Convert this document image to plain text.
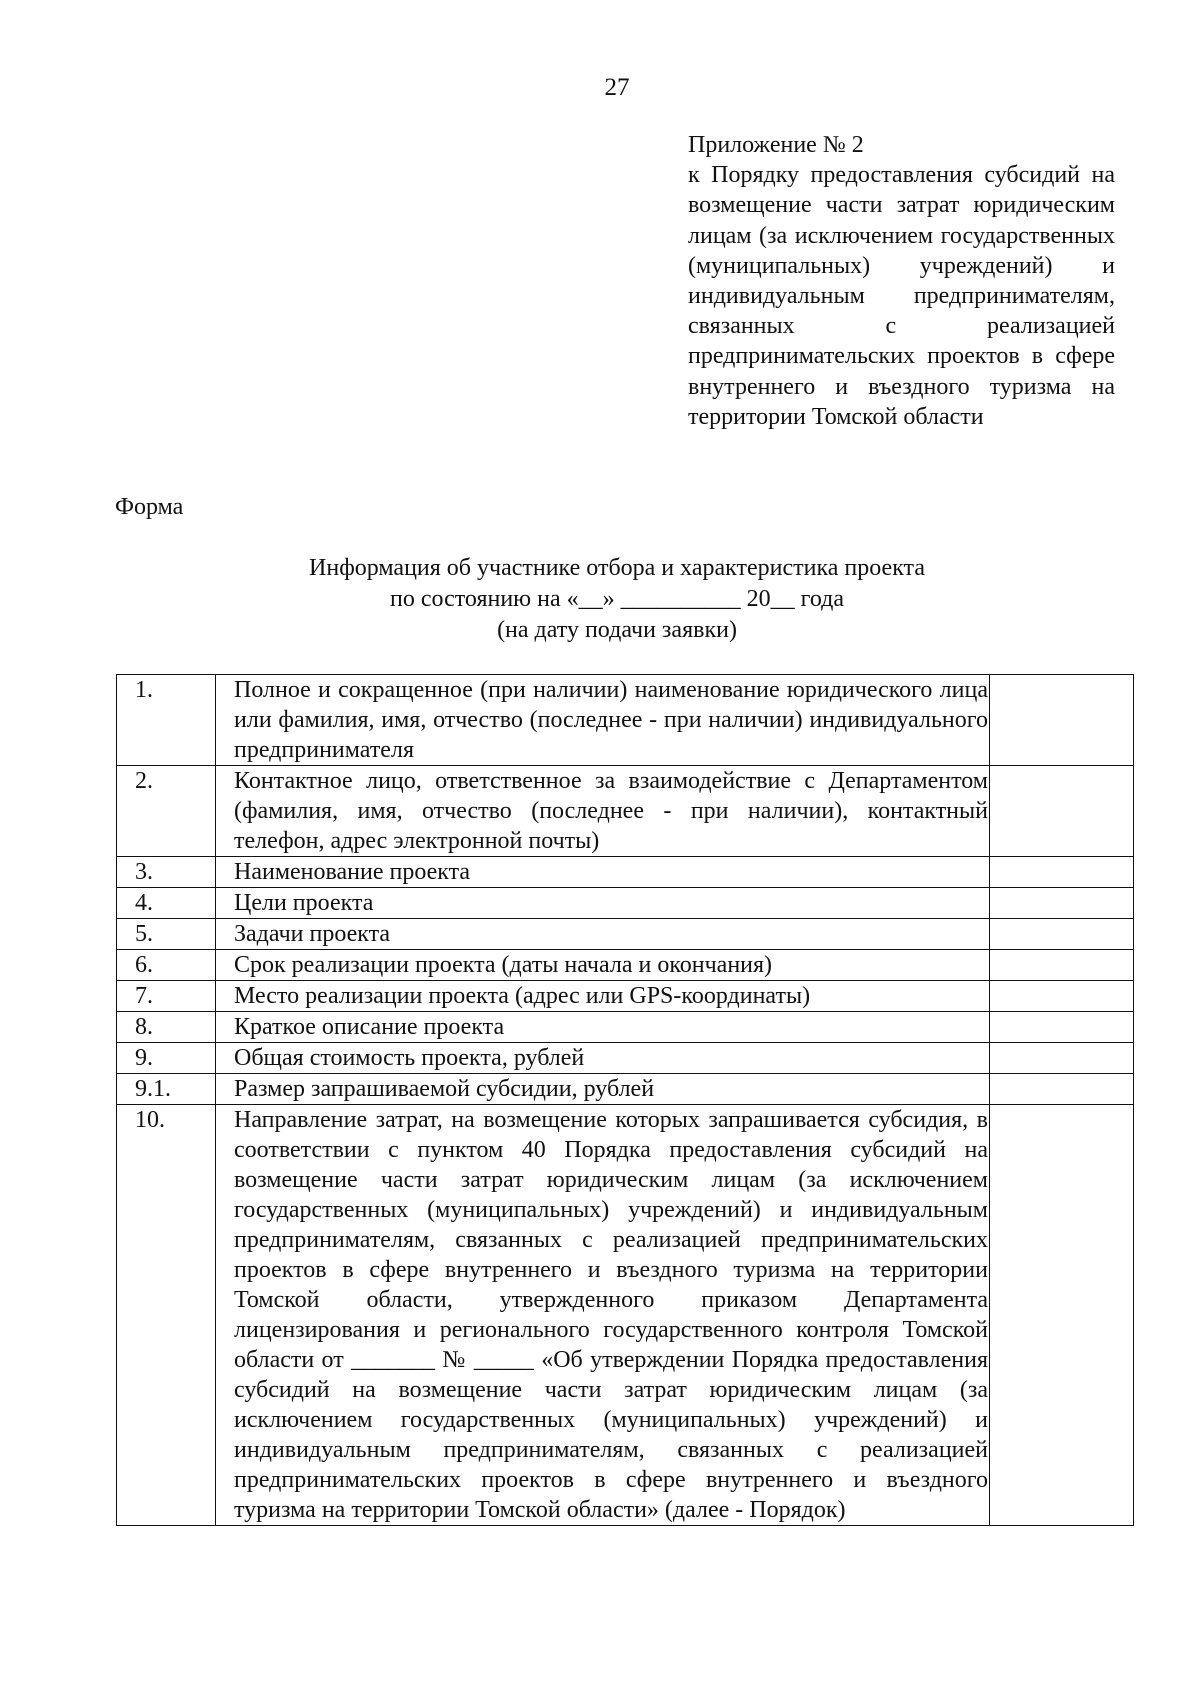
27
Приложение № 2
к Порядку предоставления субсидий на возмещение части затрат юридическим лицам (за исключением государственных (муниципальных) учреждений) и индивидуальным предпринимателям, связанных с реализацией предпринимательских проектов в сфере внутреннего и въездного туризма на территории Томской области
Форма
Информация об участнике отбора и характеристика проекта
по состоянию на «__» __________ 20__ года
(на дату подачи заявки)
1.	Полное и сокращенное (при наличии) наименование юридического лица или фамилия, имя, отчество (последнее - при наличии) индивидуального предпринимателя	
2.	Контактное лицо, ответственное за взаимодействие с Департаментом (фамилия, имя, отчество (последнее - при наличии), контактный телефон, адрес электронной почты)	
3.	Наименование проекта	
4.	Цели проекта	
5.	Задачи проекта	
6.	Срок реализации проекта (даты начала и окончания)	
7.	Место реализации проекта (адрес или GPS-координаты)	
8.	Краткое описание проекта	
9.	Общая стоимость проекта, рублей	
9.1.	Размер запрашиваемой субсидии, рублей	
10.	Направление затрат, на возмещение которых запрашивается субсидия, в соответствии с пунктом 40 Порядка предоставления субсидий на возмещение части затрат юридическим лицам (за исключением государственных (муниципальных) учреждений) и индивидуальным предпринимателям, связанных с реализацией предпринимательских проектов в сфере внутреннего и въездного туризма на территории Томской области, утвержденного приказом Департамента лицензирования и регионального государственного контроля Томской области от _______ № _____ «Об утверждении Порядка предоставления субсидий на возмещение части затрат юридическим лицам (за исключением государственных (муниципальных) учреждений) и индивидуальным предпринимателям, связанных с реализацией предпринимательских проектов в сфере внутреннего и въездного туризма на территории Томской области» (далее - Порядок)	
